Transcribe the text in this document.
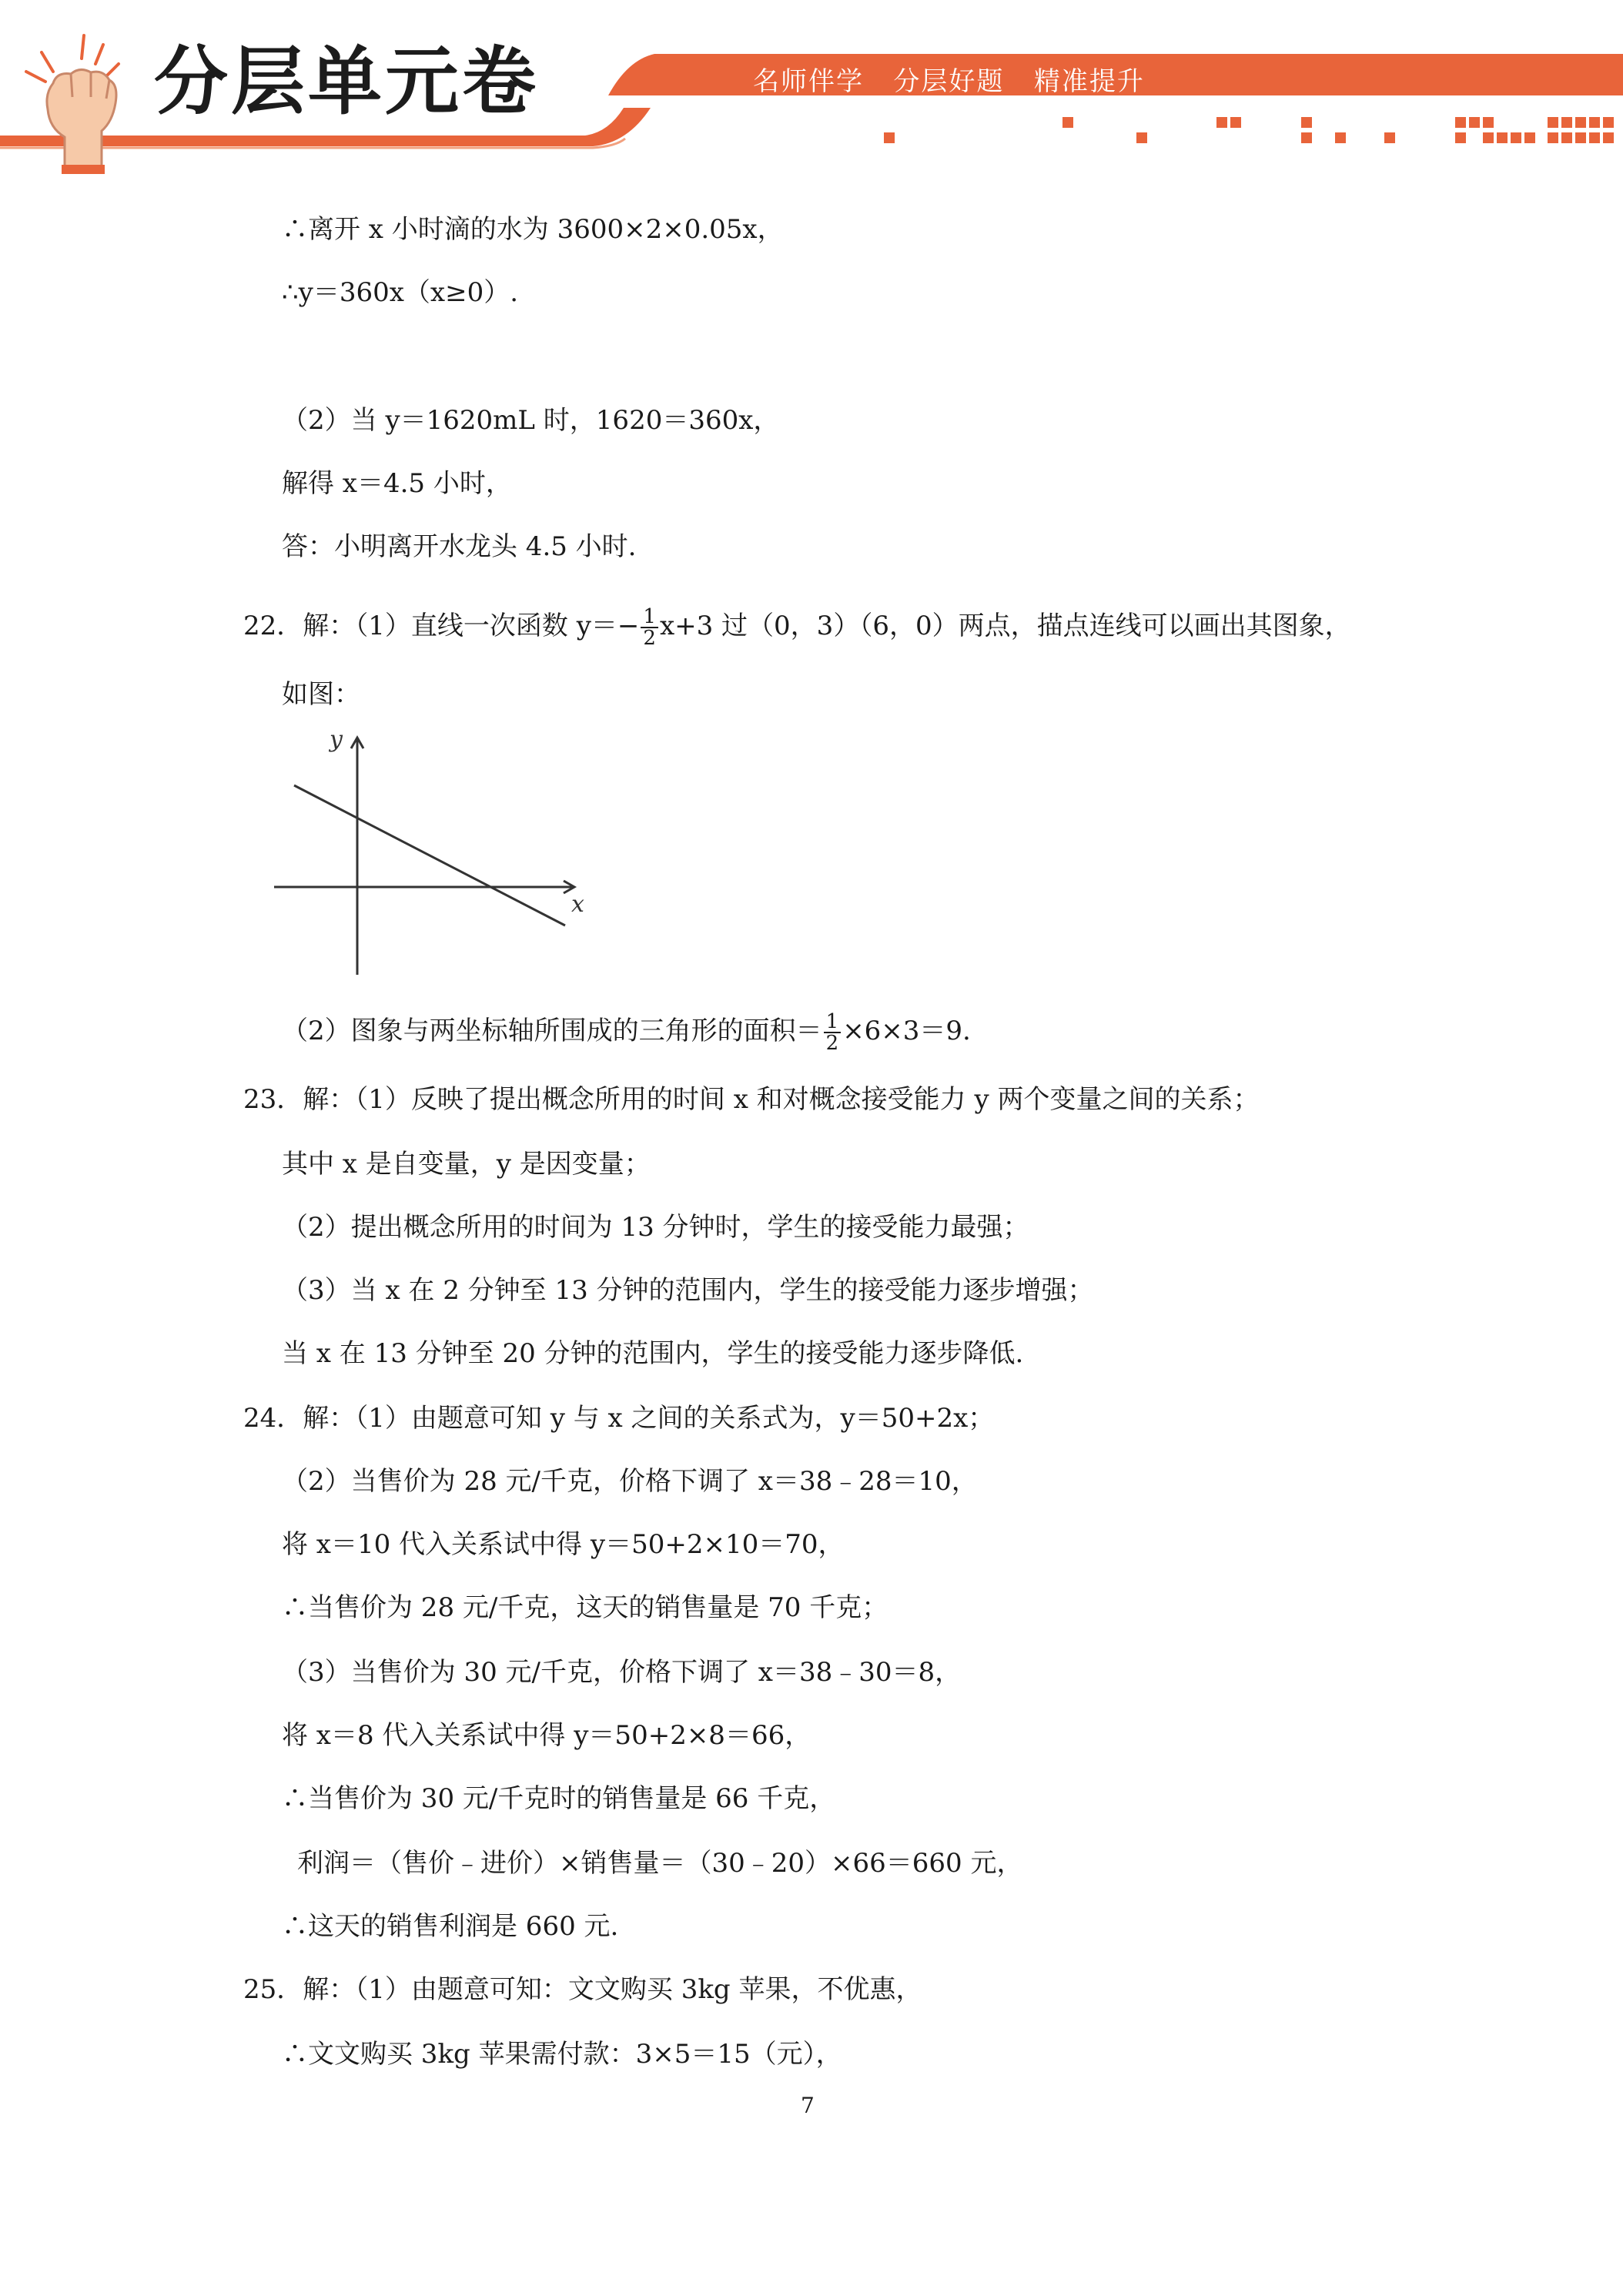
分层单元卷	名师伴学   分层好题   精准提升
∴离开 x 小时滴的水为 3600×2×0.05x，
∴y＝360x（x≥0）.
（2）当 y＝1620mL 时，1620＝360x，
解得 x＝4.5 小时，
答：小明离开水龙头 4.5 小时.
22．解：（1）直线一次函数 $y=- \frac{1}{2} x+3$ 过（0，3）（6，0）两点，描点连线可以画出其图象，
如图：
y
x
（2）图象与两坐标轴所围成的三角形的面积＝ $\frac{1}{2} \times 6\times 3=9$.
23．解：（1）反映了提出概念所用的时间 x 和对概念接受能力 y 两个变量之间的关系；
其中 x 是自变量，y 是因变量；
（2）提出概念所用的时间为 13 分钟时，学生的接受能力最强；
（3）当 x 在 2 分钟至 13 分钟的范围内，学生的接受能力逐步增强；
当 x 在 13 分钟至 20 分钟的范围内，学生的接受能力逐步降低.
24．解：（1）由题意可知 y 与 x 之间的关系式为，y＝50+2x；
（2）当售价为 28 元/千克，价格下调了 x＝38﹣28＝10，
将 x＝10 代入关系试中得 y＝50+2×10＝70，
∴当售价为 28 元/千克，这天的销售量是 70 千克；
（3）当售价为 30 元/千克，价格下调了 x＝38﹣30＝8，
将 x＝8 代入关系试中得 y＝50+2×8＝66，
∴当售价为 30 元/千克时的销售量是 66 千克，
利润＝（售价﹣进价）×销售量＝（30﹣20）×66＝660 元，
∴这天的销售利润是 660 元.
25．解：（1）由题意可知：文文购买 3kg 苹果，不优惠，
∴文文购买 3kg 苹果需付款：3×5＝15（元），
7
